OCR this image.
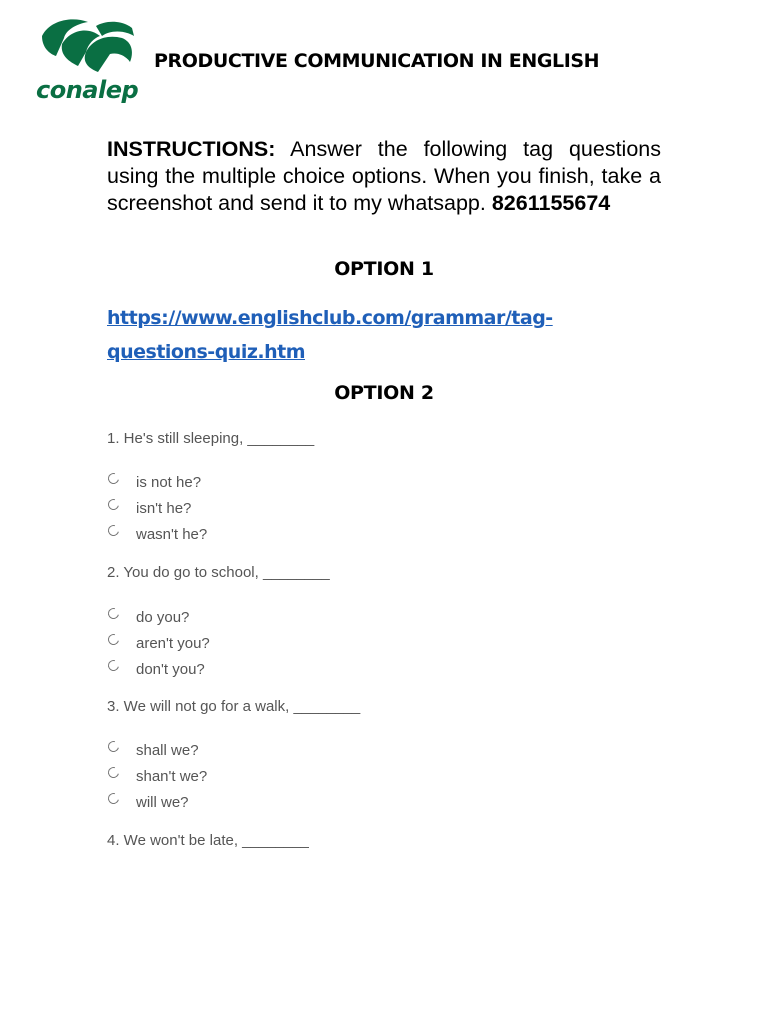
conalep
PRODUCTIVE COMMUNICATION IN ENGLISH
INSTRUCTIONS: Answer the following tag questions using the multiple choice options. When you finish, take a screenshot and send it to my whatsapp. 8261155674
OPTION 1
https://www.englishclub.com/grammar/tag-questions-quiz.htm
OPTION 2
1. He's still sleeping, ________
is not he?
isn't he?
wasn't he?
2. You do go to school, ________
do you?
aren't you?
don't you?
3. We will not go for a walk, ________
shall we?
shan't we?
will we?
4. We won't be late, ________
